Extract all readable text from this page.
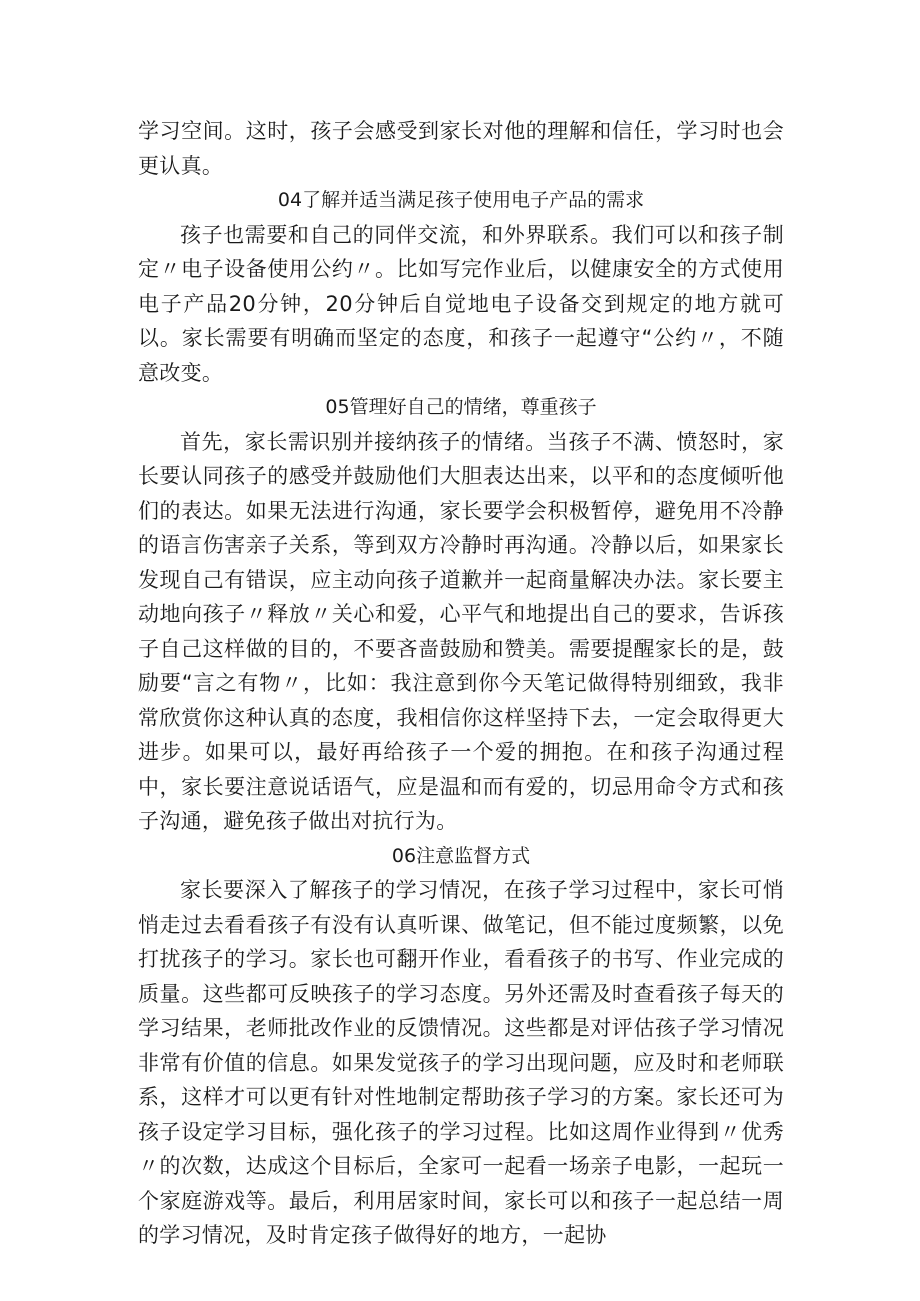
学习空间。这时，孩子会感受到家长对他的理解和信任，学习时也会更认真。

04了解并适当满足孩子使用电子产品的需求

孩子也需要和自己的同伴交流，和外界联系。我们可以和孩子制定〃电子设备使用公约〃。比如写完作业后，以健康安全的方式使用电子产品20分钟，20分钟后自觉地电子设备交到规定的地方就可以。家长需要有明确而坚定的态度，和孩子一起遵守“公约〃，不随意改变。

05管理好自己的情绪，尊重孩子

首先，家长需识别并接纳孩子的情绪。当孩子不满、愤怒时，家长要认同孩子的感受并鼓励他们大胆表达出来，以平和的态度倾听他们的表达。如果无法进行沟通，家长要学会积极暂停，避免用不冷静的语言伤害亲子关系，等到双方冷静时再沟通。冷静以后，如果家长发现自己有错误，应主动向孩子道歉并一起商量解决办法。家长要主动地向孩子〃释放〃关心和爱，心平气和地提出自己的要求，告诉孩子自己这样做的目的，不要吝啬鼓励和赞美。需要提醒家长的是，鼓励要“言之有物〃，比如：我注意到你今天笔记做得特别细致，我非常欣赏你这种认真的态度，我相信你这样坚持下去，一定会取得更大进步。如果可以，最好再给孩子一个爱的拥抱。在和孩子沟通过程中，家长要注意说话语气，应是温和而有爱的，切忌用命令方式和孩子沟通，避免孩子做出对抗行为。

06注意监督方式

家长要深入了解孩子的学习情况，在孩子学习过程中，家长可悄悄走过去看看孩子有没有认真听课、做笔记，但不能过度频繁，以免打扰孩子的学习。家长也可翻开作业，看看孩子的书写、作业完成的质量。这些都可反映孩子的学习态度。另外还需及时查看孩子每天的学习结果，老师批改作业的反馈情况。这些都是对评估孩子学习情况非常有价值的信息。如果发觉孩子的学习出现问题，应及时和老师联系，这样才可以更有针对性地制定帮助孩子学习的方案。家长还可为孩子设定学习目标，强化孩子的学习过程。比如这周作业得到〃优秀〃的次数，达成这个目标后，全家可一起看一场亲子电影，一起玩一个家庭游戏等。最后，利用居家时间，家长可以和孩子一起总结一周的学习情况，及时肯定孩子做得好的地方，一起协
